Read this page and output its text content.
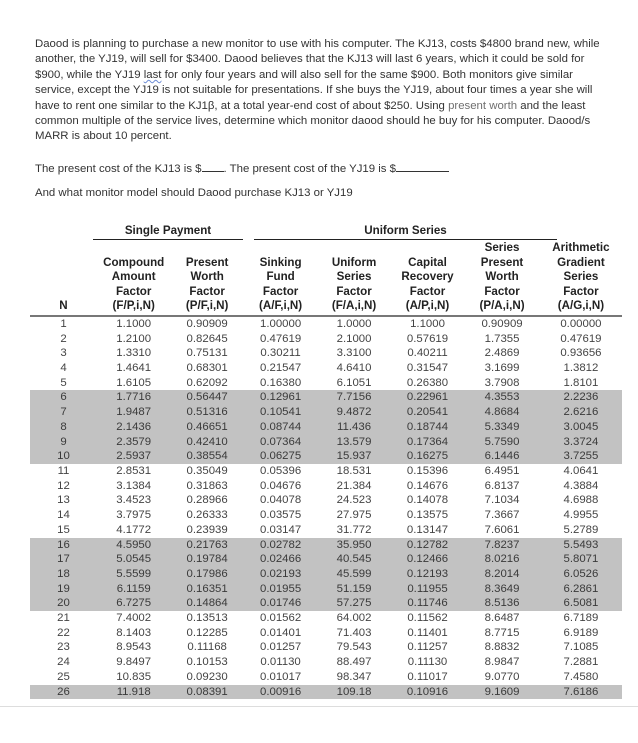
Daood is planning to purchase a new monitor to use with his computer. The KJ13, costs $4800 brand new, while another, the YJ19, will sell for $3400. Daood believes that the KJ13 will last 6 years, which it could be sold for $900, while the YJ19 last for only four years and will also sell for the same $900. Both monitors give similar service, except the YJ19 is not suitable for presentations. If she buys the YJ19, about four times a year she will have to rent one similar to the KJ1β, at a total year-end cost of about $250. Using present worth and the least common multiple of the service lives, determine which monitor daood should he buy for his computer. Daood/s MARR is about 10 percent.

The present cost of the KJ13 is $ . The present cost of the YJ19 is $
And what monitor model should Daood purchase KJ13 or YJ19
Single Payment	Uniform Series
N

Compound
Amount
Factor
(F/P,i,N)

Present
Worth
Factor
(P/F,i,N)

Sinking
Fund
Factor
(A/F,i,N)

Uniform
Series
Factor
(F/A,i,N)

Capital
Recovery
Factor
(A/P,i,N)

Series
Present
Worth
Factor
(P/A,i,N)

Arithmetic
Gradient
Series
Factor
(A/G,i,N)

1	1.1000	0.90909	1.00000	1.0000	1.1000	0.90909	0.00000
2	1.2100	0.82645	0.47619	2.1000	0.57619	1.7355	0.47619
3	1.3310	0.75131	0.30211	3.3100	0.40211	2.4869	0.93656
4	1.4641	0.68301	0.21547	4.6410	0.31547	3.1699	1.3812
5	1.6105	0.62092	0.16380	6.1051	0.26380	3.7908	1.8101
6	1.7716	0.56447	0.12961	7.7156	0.22961	4.3553	2.2236
7	1.9487	0.51316	0.10541	9.4872	0.20541	4.8684	2.6216
8	2.1436	0.46651	0.08744	11.436	0.18744	5.3349	3.0045
9	2.3579	0.42410	0.07364	13.579	0.17364	5.7590	3.3724
10	2.5937	0.38554	0.06275	15.937	0.16275	6.1446	3.7255
11	2.8531	0.35049	0.05396	18.531	0.15396	6.4951	4.0641
12	3.1384	0.31863	0.04676	21.384	0.14676	6.8137	4.3884
13	3.4523	0.28966	0.04078	24.523	0.14078	7.1034	4.6988
14	3.7975	0.26333	0.03575	27.975	0.13575	7.3667	4.9955
15	4.1772	0.23939	0.03147	31.772	0.13147	7.6061	5.2789
16	4.5950	0.21763	0.02782	35.950	0.12782	7.8237	5.5493
17	5.0545	0.19784	0.02466	40.545	0.12466	8.0216	5.8071
18	5.5599	0.17986	0.02193	45.599	0.12193	8.2014	6.0526
19	6.1159	0.16351	0.01955	51.159	0.11955	8.3649	6.2861
20	6.7275	0.14864	0.01746	57.275	0.11746	8.5136	6.5081
21	7.4002	0.13513	0.01562	64.002	0.11562	8.6487	6.7189
22	8.1403	0.12285	0.01401	71.403	0.11401	8.7715	6.9189
23	8.9543	0.11168	0.01257	79.543	0.11257	8.8832	7.1085
24	9.8497	0.10153	0.01130	88.497	0.11130	8.9847	7.2881
25	10.835	0.09230	0.01017	98.347	0.11017	9.0770	7.4580
26	11.918	0.08391	0.00916	109.18	0.10916	9.1609	7.6186
